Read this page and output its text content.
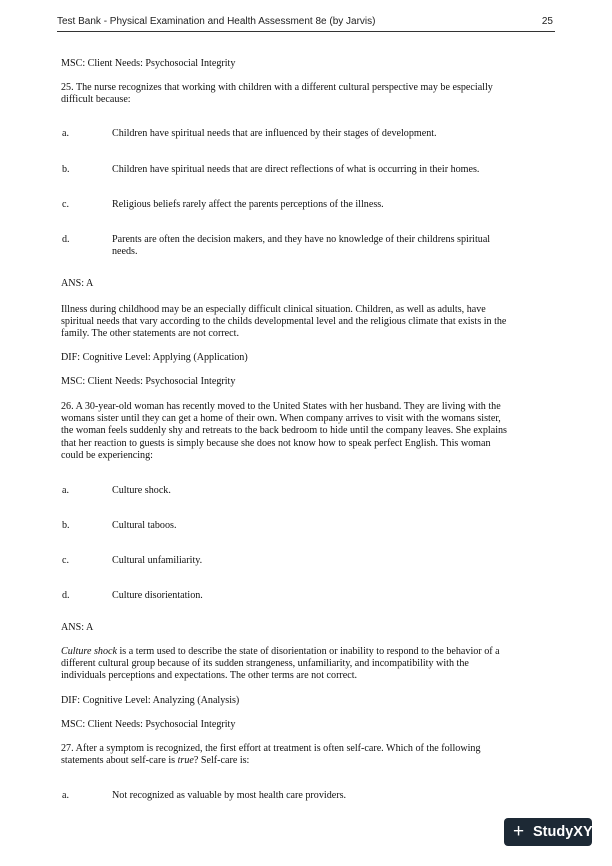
Test Bank - Physical Examination and Health Assessment 8e (by Jarvis)	25

MSC: Client Needs: Psychosocial Integrity

25. The nurse recognizes that working with children with a different cultural perspective may be especially
difficult because:

a.	Children have spiritual needs that are influenced by their stages of development.
b.	Children have spiritual needs that are direct reflections of what is occurring in their homes.
c.	Religious beliefs rarely affect the parents perceptions of the illness.
d.	Parents are often the decision makers, and they have no knowledge of their childrens spiritual
needs.

ANS: A

Illness during childhood may be an especially difficult clinical situation. Children, as well as adults, have
spiritual needs that vary according to the childs developmental level and the religious climate that exists in the
family. The other statements are not correct.

DIF: Cognitive Level: Applying (Application)

MSC: Client Needs: Psychosocial Integrity

26. A 30-year-old woman has recently moved to the United States with her husband. They are living with the
womans sister until they can get a home of their own. When company arrives to visit with the womans sister,
the woman feels suddenly shy and retreats to the back bedroom to hide until the company leaves. She explains
that her reaction to guests is simply because she does not know how to speak perfect English. This woman
could be experiencing:

a.	Culture shock.
b.	Cultural taboos.
c.	Cultural unfamiliarity.
d.	Culture disorientation.

ANS: A

Culture shock is a term used to describe the state of disorientation or inability to respond to the behavior of a
different cultural group because of its sudden strangeness, unfamiliarity, and incompatibility with the
individuals perceptions and expectations. The other terms are not correct.

DIF: Cognitive Level: Analyzing (Analysis)

MSC: Client Needs: Psychosocial Integrity

27. After a symptom is recognized, the first effort at treatment is often self-care. Which of the following
statements about self-care is true? Self-care is:

a.	Not recognized as valuable by most health care providers.
+ StudyXY
